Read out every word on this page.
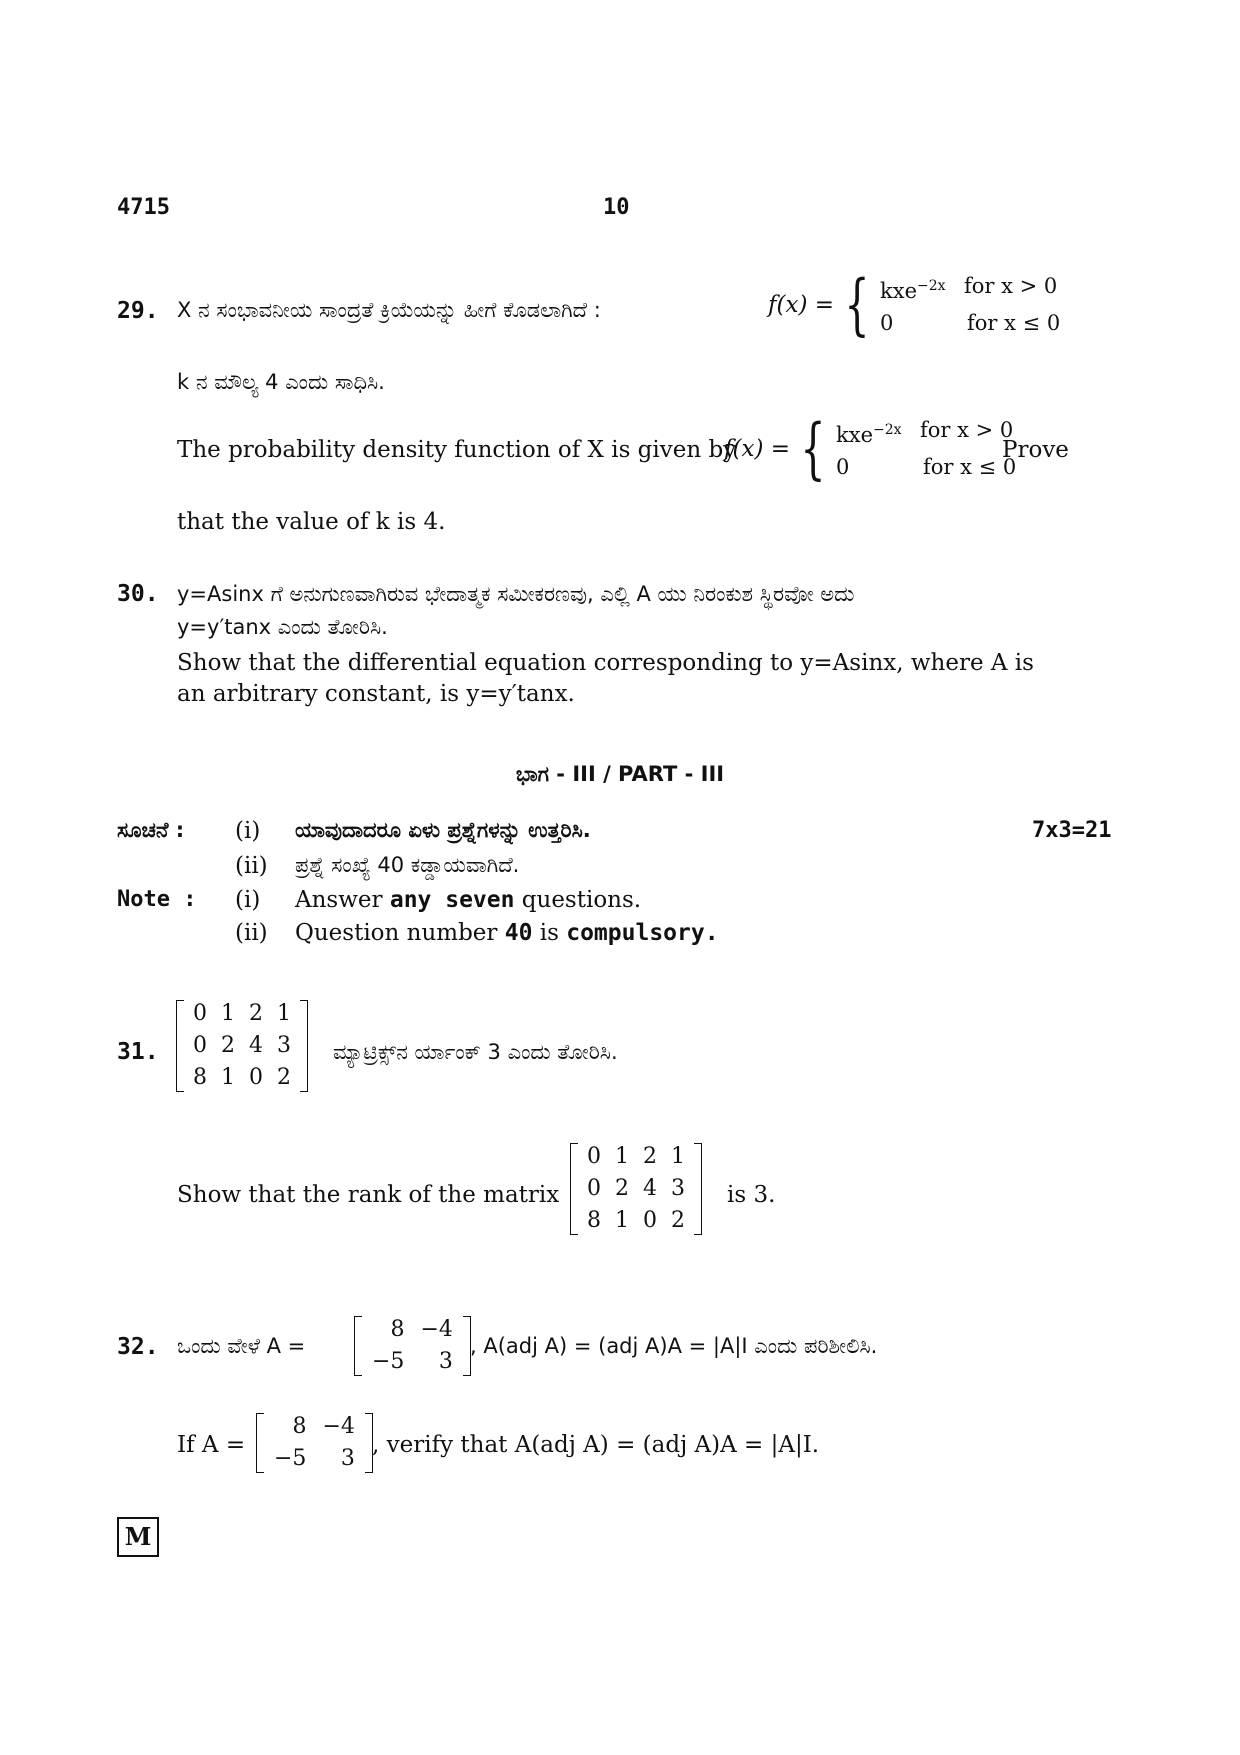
4715	10
29. X ನ ಸಂಭಾವನೀಯ ಸಾಂದ್ರತೆ ಕ್ರಿಯೆಯನ್ನು ಹೀಗೆ ಕೊಡಲಾಗಿದೆ :	f(x) = { kxe$^{-2x}$ for x > 0
0	for x ≤ 0
k ನ ಮೌಲ್ಯ 4 ಎಂದು ಸಾಧಿಸಿ.
The probability density function of X is given by
f(x) = { kxe$^{-2x}$ for x > 0
0	for x ≤ 0
Prove
that the value of k is 4.
30. y=Asinx ಗೆ ಅನುಗುಣವಾಗಿರುವ ಭೇದಾತ್ಮಕ ಸಮೀಕರಣವು, ಎಲ್ಲಿ A ಯು ನಿರಂಕುಶ ಸ್ಥಿರವೋ ಅದು
y=y′tanx ಎಂದು ತೋರಿಸಿ.
Show that the differential equation corresponding to y=Asinx, where A is
an arbitrary constant, is y=y′tanx.
ಭಾಗ - III / PART - III
ಸೂಚನೆ : (i) ಯಾವುದಾದರೂ ಏಳು ಪ್ರಶ್ನೆಗಳನ್ನು ಉತ್ತರಿಸಿ.	7x3=21
(ii) ಪ್ರಶ್ನೆ ಸಂಖ್ಯೆ 40 ಕಡ್ಡಾಯವಾಗಿದೆ.
Note : (i) Answer any seven questions.
(ii) Question number 40 is compulsory.
31.
0	1	2	1
0	2	4	3
8	1	0	2
ಮ್ಯಾಟ್ರಿಕ್ಸ್‌ನ ರ್ಯಾಂಕ್ 3 ಎಂದು ತೋರಿಸಿ.
Show that the rank of the matrix
0	1	2	1
0	2	4	3
8	1	0	2
is 3.
32. ಒಂದು ವೇಳೆ A =
8	−4
−5	3
, A(adj A) = (adj A)A = |A|I ಎಂದು ಪರಿಶೀಲಿಸಿ.
If A =
8	−4
−5	3
, verify that A(adj A) = (adj A)A = |A|I.
M
